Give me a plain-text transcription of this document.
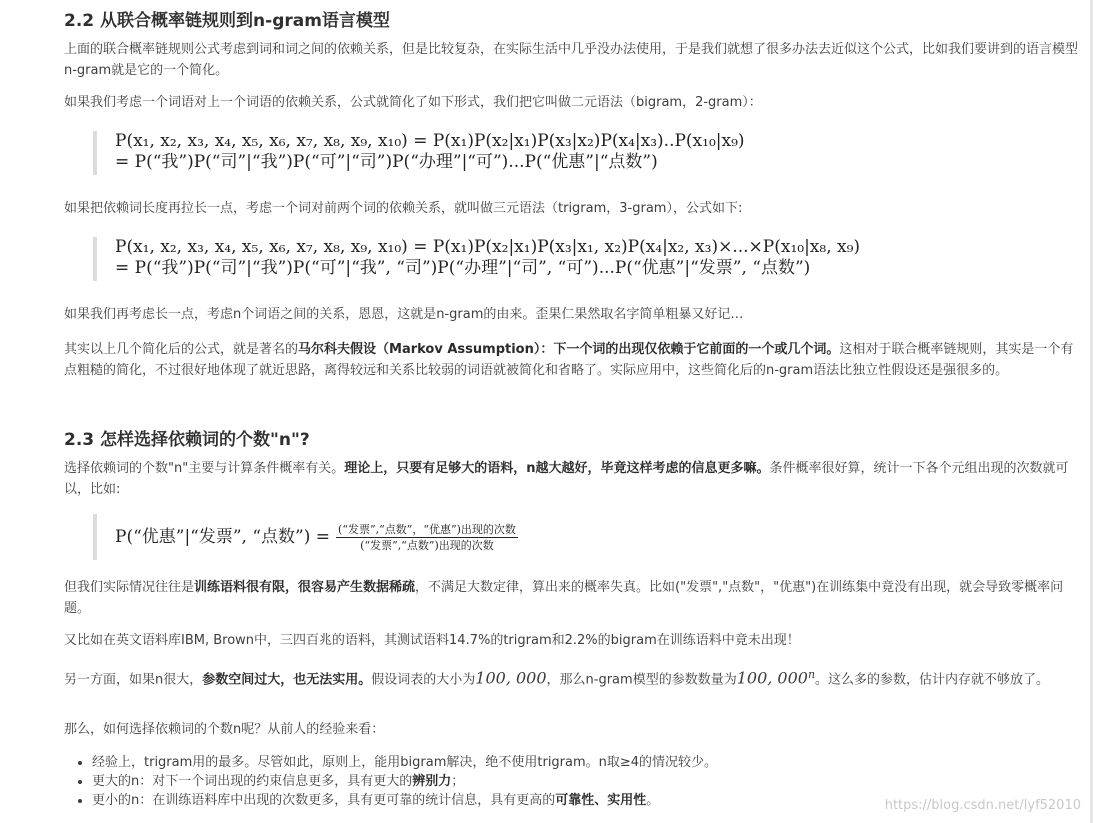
2.2 从联合概率链规则到n-gram语言模型

上面的联合概率链规则公式考虑到词和词之间的依赖关系，但是比较复杂，在实际生活中几乎没办法使用，于是我们就想了很多办法去近似这个公式，比如我们要讲到的语言模型n-gram就是它的一个简化。

如果我们考虑一个词语对上一个词语的依赖关系，公式就简化了如下形式，我们把它叫做二元语法（bigram，2-gram）：

P(x₁, x₂, x₃, x₄, x₅, x₆, x₇, x₈, x₉, x₁₀) = P(x₁)P(x₂|x₁)P(x₃|x₂)P(x₄|x₃)..P(x₁₀|x₉)
= P(“我”)P(“司”|“我”)P(“可”|“司”)P(“办理”|“可”)...P(“优惠”|“点数”)

如果把依赖词长度再拉长一点，考虑一个词对前两个词的依赖关系，就叫做三元语法（trigram，3-gram），公式如下:

P(x₁, x₂, x₃, x₄, x₅, x₆, x₇, x₈, x₉, x₁₀) = P(x₁)P(x₂|x₁)P(x₃|x₁, x₂)P(x₄|x₂, x₃)×...×P(x₁₀|x₈, x₉)
= P(“我”)P(“司”|“我”)P(“可”|“我”, “司”)P(“办理”|“司”, “可”)...P(“优惠”|“发票”, “点数”)

如果我们再考虑长一点，考虑n个词语之间的关系，恩恩，这就是n-gram的由来。歪果仁果然取名字简单粗暴又好记…

其实以上几个简化后的公式，就是著名的马尔科夫假设（Markov Assumption）：下一个词的出现仅依赖于它前面的一个或几个词。这相对于联合概率链规则，其实是一个有点粗糙的简化，不过很好地体现了就近思路，离得较远和关系比较弱的词语就被简化和省略了。实际应用中，这些简化后的n-gram语法比独立性假设还是强很多的。

2.3 怎样选择依赖词的个数"n"?

选择依赖词的个数"n"主要与计算条件概率有关。理论上，只要有足够大的语料，n越大越好，毕竟这样考虑的信息更多嘛。条件概率很好算，统计一下各个元组出现的次数就可以，比如:

P(“优惠”|“发票”, “点数”) = $\frac{\text{(“发票”,“点数”，“优惠”)出现的次数}}{\text{(“发票”,“点数”)出现的次数}}$

但我们实际情况往往是训练语料很有限，很容易产生数据稀疏，不满足大数定律，算出来的概率失真。比如("发票","点数"，"优惠")在训练集中竟没有出现，就会导致零概率问题。

又比如在英文语料库IBM, Brown中，三四百兆的语料，其测试语料14.7%的trigram和2.2%的bigram在训练语料中竟未出现！

另一方面，如果n很大，参数空间过大，也无法实用。假设词表的大小为100, 000，那么n-gram模型的参数数量为100, 000$^n$。这么多的参数，估计内存就不够放了。

那么，如何选择依赖词的个数n呢？从前人的经验来看：

• 经验上，trigram用的最多。尽管如此，原则上，能用bigram解决，绝不使用trigram。n取≥4的情况较少。
• 更大的n：对下一个词出现的约束信息更多，具有更大的辨别力；
• 更小的n：在训练语料库中出现的次数更多，具有更可靠的统计信息，具有更高的可靠性、实用性。	https://blog.csdn.net/lyf52010
